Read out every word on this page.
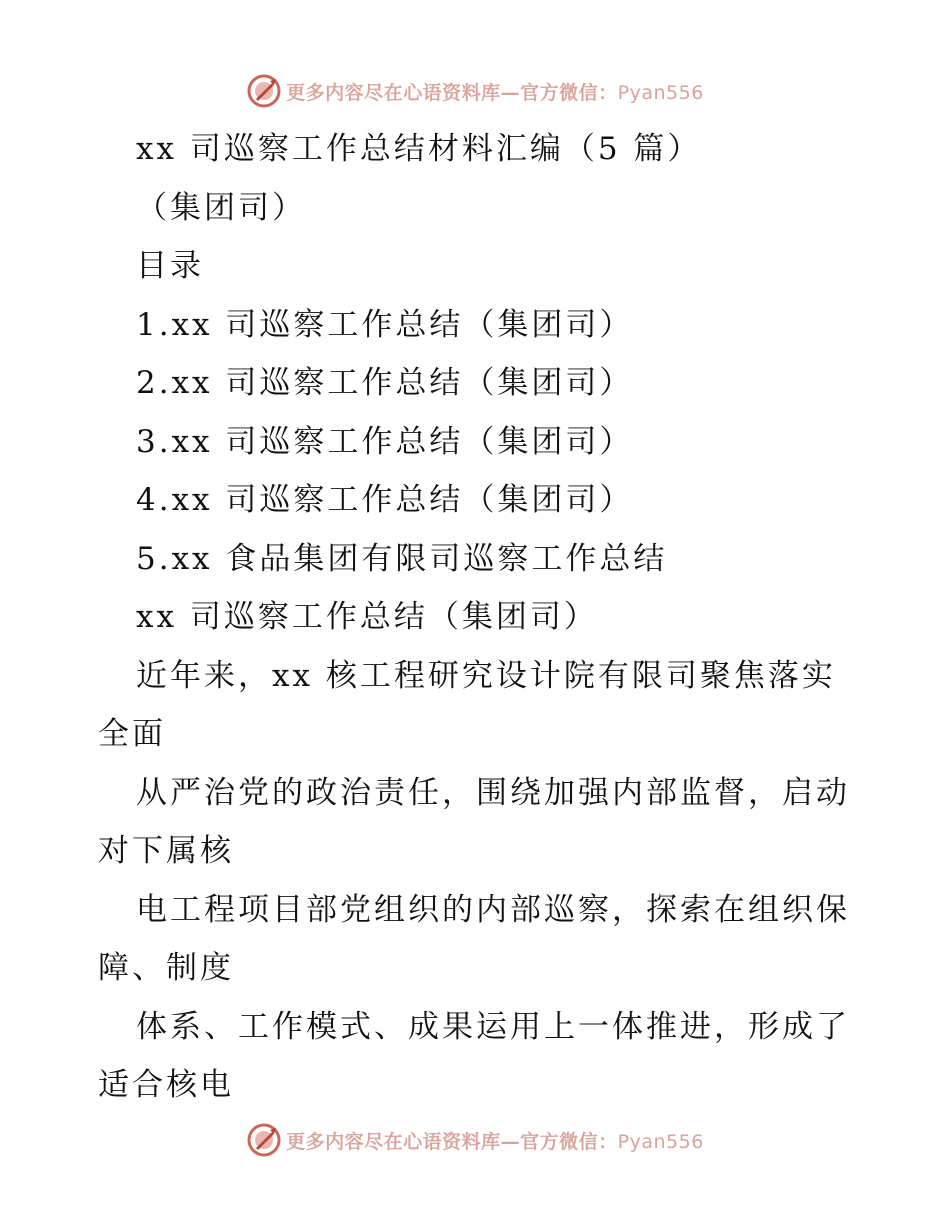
更多内容尽在心语资料库—官方微信：Pyan556
xx 司巡察工作总结材料汇编（5 篇）
（集团司）
目录
1.xx 司巡察工作总结（集团司）
2.xx 司巡察工作总结（集团司）
3.xx 司巡察工作总结（集团司）
4.xx 司巡察工作总结（集团司）
5.xx 食品集团有限司巡察工作总结
xx 司巡察工作总结（集团司）
近年来，xx 核工程研究设计院有限司聚焦落实
全面
从严治党的政治责任，围绕加强内部监督，启动
对下属核
电工程项目部党组织的内部巡察，探索在组织保
障、制度
体系、工作模式、成果运用上一体推进，形成了
适合核电
更多内容尽在心语资料库—官方微信：Pyan556
